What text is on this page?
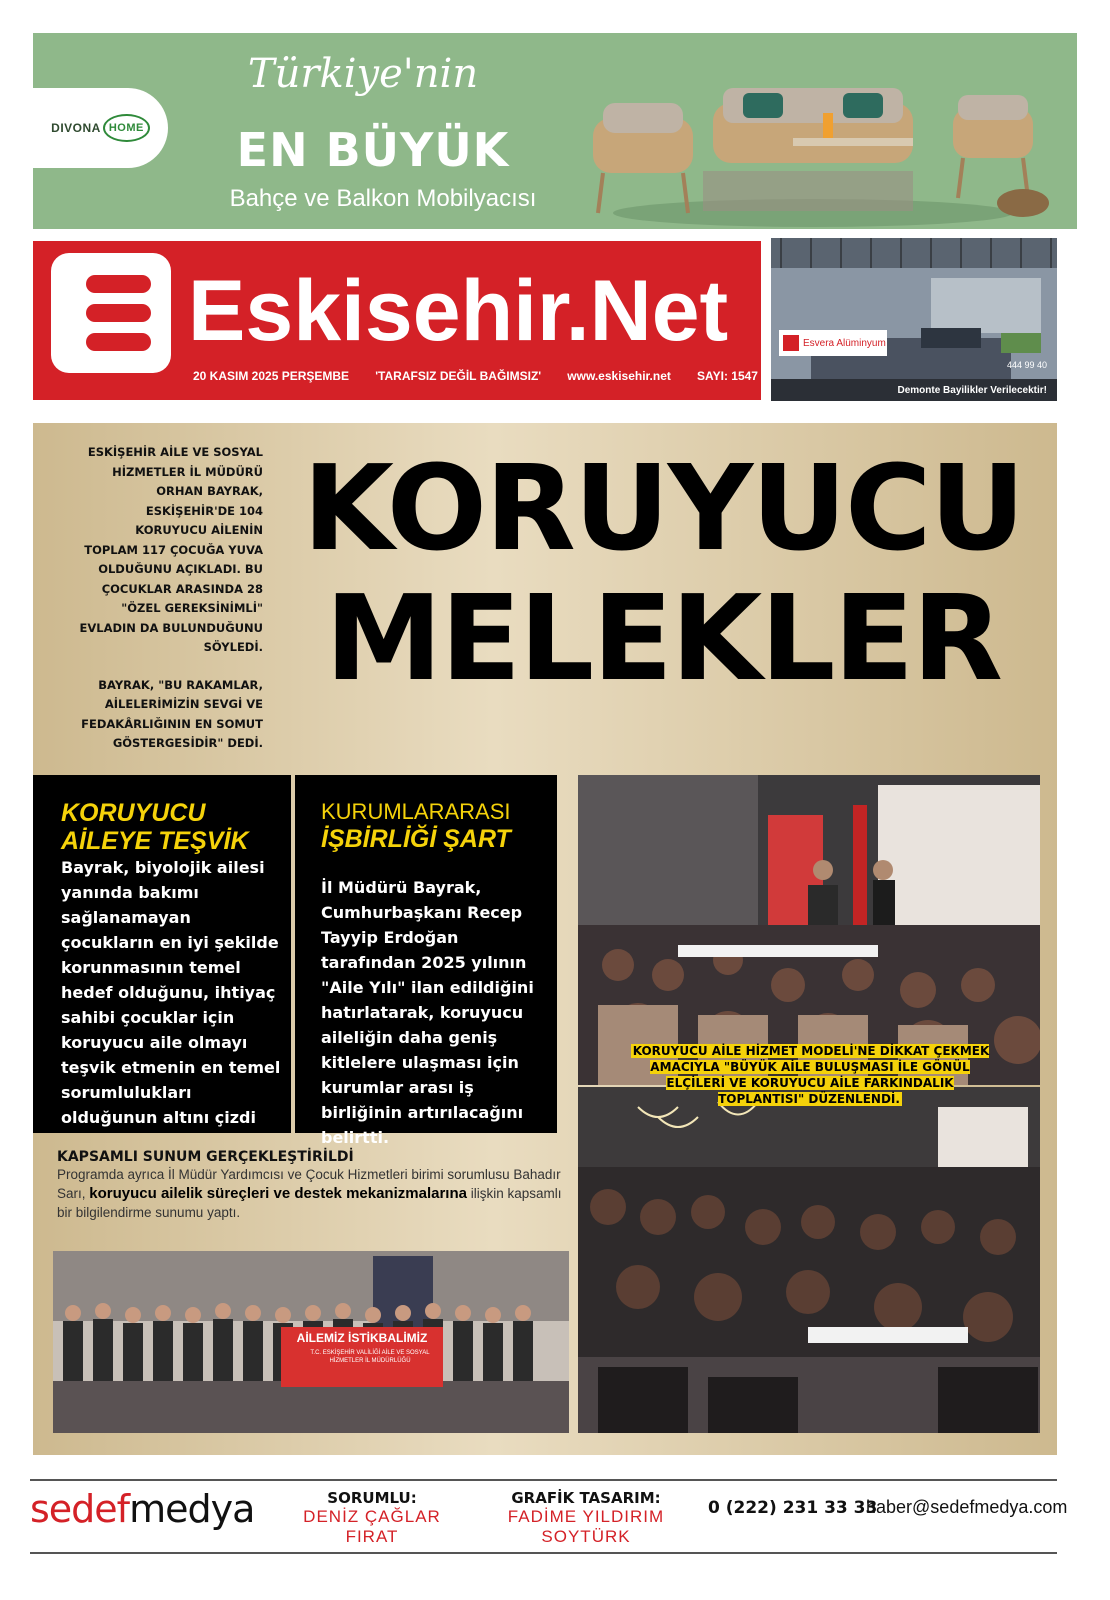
DIVONA HOME
Türkiye'nin
EN BÜYÜK
Bahçe ve Balkon Mobilyacısı
Eskisehir.Net
20 KASIM 2025 PERŞEMBE 'TARAFSIZ DEĞİL BAĞIMSIZ' www.eskisehir.net SAYI: 1547
Esvera Alüminyum
444 99 40
Demonte Bayilikler Verilecektir!

ESKİŞEHİR AİLE VE SOSYAL HİZMETLER İL MÜDÜRÜ ORHAN BAYRAK, ESKİŞEHİR'DE 104 KORUYUCU AİLENİN TOPLAM 117 ÇOCUĞA YUVA OLDUĞUNU AÇIKLADI. BU ÇOCUKLAR ARASINDA 28 "ÖZEL GEREKSİNİMLİ" EVLADIN DA BULUNDUĞUNU SÖYLEDİ.

BAYRAK, "BU RAKAMLAR, AİLELERİMİZİN SEVGİ VE FEDAKÂRLIĞININ EN SOMUT GÖSTERGESİDİR" DEDİ.

KORUYUCU
MELEKLER
KORUYUCU
AİLEYE TEŞVİK
Bayrak, biyolojik ailesi yanında bakımı sağlanamayan çocukların en iyi şekilde korunmasının temel hedef olduğunu, ihtiyaç sahibi çocuklar için koruyucu aile olmayı teşvik etmenin en temel sorumlulukları olduğunun altını çizdi
KURUMLARARASI
İŞBİRLİĞİ ŞART
İl Müdürü Bayrak, Cumhurbaşkanı Recep Tayyip Erdoğan tarafından 2025 yılının "Aile Yılı" ilan edildiğini hatırlatarak, koruyucu aileliğin daha geniş kitlelere ulaşması için kurumlar arası iş birliğinin artırılacağını belirtti.
KORUYUCU AİLE HİZMET MODELİ'NE DİKKAT ÇEKMEK AMACIYLA "BÜYÜK AİLE BULUŞMASI İLE GÖNÜL ELÇİLERİ VE KORUYUCU AİLE FARKINDALIK TOPLANTISI" DÜZENLENDİ.
KAPSAMLI SUNUM GERÇEKLEŞTİRİLDİ
Programda ayrıca İl Müdür Yardımcısı ve Çocuk Hizmetleri birimi sorumlusu Bahadır Sarı, koruyucu ailelik süreçleri ve destek mekanizmalarına ilişkin kapsamlı bir bilgilendirme sunumu yaptı.
AİLEMİZ İSTİKBALİMİZ
T.C. ESKİŞEHİR VALİLİĞİ AİLE VE SOSYAL HİZMETLER İL MÜDÜRLÜĞÜ
sedefmedya	SORUMLU:
DENİZ ÇAĞLAR FIRAT
GRAFİK TASARIM:
FADİME YILDIRIM SOYTÜRK
0 (222) 231 33 33
haber@sedefmedya.com
